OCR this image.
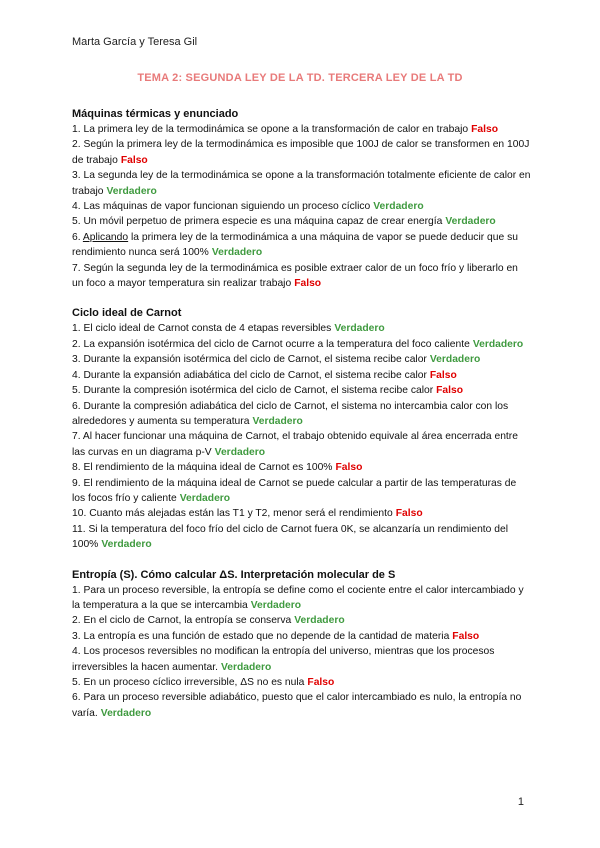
Marta García y Teresa Gil
TEMA 2: SEGUNDA LEY DE LA TD. TERCERA LEY DE LA TD
Máquinas térmicas y enunciado

1. La primera ley de la termodinámica se opone a la transformación de calor en trabajo Falso

2. Según la primera ley de la termodinámica es imposible que 100J de calor se transformen en 100J de trabajo Falso

3. La segunda ley de la termodinámica se opone a la transformación totalmente eficiente de calor en trabajo Verdadero

4. Las máquinas de vapor funcionan siguiendo un proceso cíclico Verdadero

5. Un móvil perpetuo de primera especie es una máquina capaz de crear energía Verdadero

6. Aplicando la primera ley de la termodinámica a una máquina de vapor se puede deducir que su rendimiento nunca será 100% Verdadero

7. Según la segunda ley de la termodinámica es posible extraer calor de un foco frío y liberarlo en un foco a mayor temperatura sin realizar trabajo Falso

Ciclo ideal de Carnot

1. El ciclo ideal de Carnot consta de 4 etapas reversibles Verdadero

2. La expansión isotérmica del ciclo de Carnot ocurre a la temperatura del foco caliente Verdadero

3. Durante la expansión isotérmica del ciclo de Carnot, el sistema recibe calor Verdadero

4. Durante la expansión adiabática del ciclo de Carnot, el sistema recibe calor Falso

5. Durante la compresión isotérmica del ciclo de Carnot, el sistema recibe calor Falso

6. Durante la compresión adiabática del ciclo de Carnot, el sistema no intercambia calor con los alrededores y aumenta su temperatura Verdadero

7. Al hacer funcionar una máquina de Carnot, el trabajo obtenido equivale al área encerrada entre las curvas en un diagrama p-V Verdadero

8. El rendimiento de la máquina ideal de Carnot es 100% Falso

9. El rendimiento de la máquina ideal de Carnot se puede calcular a partir de las temperaturas de los focos frío y caliente Verdadero

10. Cuanto más alejadas están las T1 y T2, menor será el rendimiento Falso

11. Si la temperatura del foco frío del ciclo de Carnot fuera 0K, se alcanzaría un rendimiento del 100% Verdadero

Entropía (S). Cómo calcular ΔS. Interpretación molecular de S

1. Para un proceso reversible, la entropía se define como el cociente entre el calor intercambiado y la temperatura a la que se intercambia Verdadero

2. En el ciclo de Carnot, la entropía se conserva Verdadero

3. La entropía es una función de estado que no depende de la cantidad de materia Falso

4. Los procesos reversibles no modifican la entropía del universo, mientras que los procesos irreversibles la hacen aumentar. Verdadero

5. En un proceso cíclico irreversible, ΔS no es nula Falso

6. Para un proceso reversible adiabático, puesto que el calor intercambiado es nulo, la entropía no varía. Verdadero

1
